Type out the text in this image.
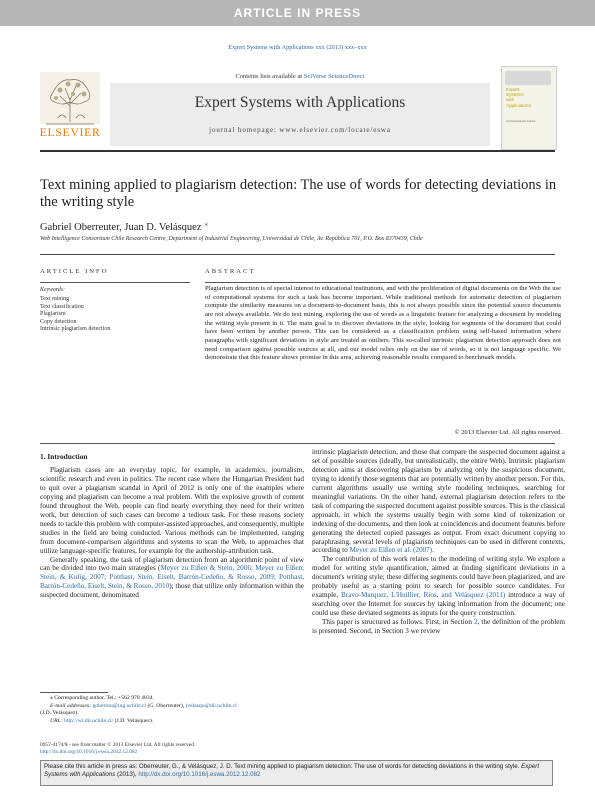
ARTICLE IN PRESS
Expert Systems with Applications xxx (2013) xxx–xxx
ELSEVIER
Contents lists available at SciVerse ScienceDirect
Expert Systems with Applications
journal homepage: www.elsevier.com/locate/eswa
Expert
Systems
with
Applications
An International Journal
Text mining applied to plagiarism detection: The use of words for detecting deviations in the writing style
Gabriel Oberreuter, Juan D. Velásquez ⁎
Web Intelligence Consortium Chile Research Centre, Department of Industrial Engineering, Universidad de Chile, Av. República 701, P.O. Box 8370439, Chile
ARTICLE INFO
Keywords:
Text mining
Text classification
Plagiarism
Copy detection
Intrinsic plagiarism detection
ABSTRACT
Plagiarism detection is of special interest to educational institutions, and with the proliferation of digital documents on the Web the use of computational systems for such a task has become important. While traditional methods for automatic detection of plagiarism compute the similarity measures on a document-to-document basis, this is not always possible since the potential source documents are not always available. We do text mining, exploring the use of words as a linguistic feature for analyzing a document by modeling the writing style present in it. The main goal is to discover deviations in the style, looking for segments of the document that could have been written by another person. This can be considered as a classification problem using self-based information where paragraphs with significant deviations in style are treated as outliers. This so-called intrinsic plagiarism detection approach does not need comparison against possible sources at all, and our model relies only on the use of words, so it is not language specific. We demonstrate that this feature shows promise in this area, achieving reasonable results compared to benchmark models.
© 2013 Elsevier Ltd. All rights reserved.
1. Introduction

Plagiarism cases are an everyday topic, for example, in academics, journalism, scientific research and even in politics. The recent case where the Hungarian President had to quit over a plagiarism scandal in April of 2012 is only one of the examples where copying and plagiarism can become a real problem. With the explosive growth of content found throughout the Web, people can find nearly everything they need for their written work, but detection of such cases can become a tedious task. For these reasons society needs to tackle this problem with computer-assisted approaches, and consequently, multiple studies in the field are being conducted. Various methods can be implemented, ranging from document-comparison algorithms and systems to scan the Web, to approaches that utilize language-specific features, for example for the authorship-attribution task.

Generally speaking, the task of plagiarism detection from an algorithmic point of view can be divided into two main strategies (Meyer zu Eißen & Stein, 2006; Meyer zu Eißen, Stein, & Kulig, 2007; Potthast, Stein, Eiselt, Barrón-Cedeño, & Rosso, 2009; Potthast, Barrón-Cedeño, Eiselt, Stein, & Rosso, 2010); those that utilize only information within the suspected document, denominated

intrinsic plagiarism detection, and those that compare the suspected document against a set of possible sources (ideally, but unrealistically, the entire Web). Intrinsic plagiarism detection aims at discovering plagiarism by analyzing only the suspicious document, trying to identify those segments that are potentially written by another person. For this, current algorithms usually use writing style modeling techniques, searching for meaningful variations. On the other hand, external plagiarism detection refers to the task of comparing the suspected document against possible sources. This is the classical approach, in which the systems usually begin with some kind of tokenization or indexing of the documents, and then look at coincidences and document features before generating the detected copied passages as output. From exact document copying to paraphrasing, several levels of plagiarism techniques can be used in different contexts, according to Meyer zu Eißen et al. (2007).

The contribution of this work relates to the modeling of writing style. We explore a model for writing style quantification, aimed at finding significant deviations in a document's writing style; these differing segments could have been plagiarized, and are probably useful as a starting point to search for possible source candidates. For example, Bravo-Marquez, L'Huillier, Ríos, and Velásquez (2011) introduce a way of searching over the Internet for sources by taking information from the document; one could use these deviated segments as inputs for the query construction.

This paper is structured as follows. First, in Section 2, the definition of the problem is presented. Second, in Section 3 we review

⁎ Corresponding author. Tel.: +562 978 4834.
E-mail addresses: goberreu@ing.uchile.cl (G. Oberreuter), jvelasqu@dii.uchile.cl
(J.D. Velásquez).
URL: http://wi.dii.uchile.cl/ (J.D. Velásquez).
0957-4174/$ - see front matter © 2013 Elsevier Ltd. All rights reserved.
http://dx.doi.org/10.1016/j.eswa.2012.12.082
Please cite this article in press as: Oberreuter, G., & Velásquez, J. D. Text mining applied to plagiarism detection: The use of words for detecting deviations in the writing style. Expert Systems with Applications (2013), http://dx.doi.org/10.1016/j.eswa.2012.12.082
